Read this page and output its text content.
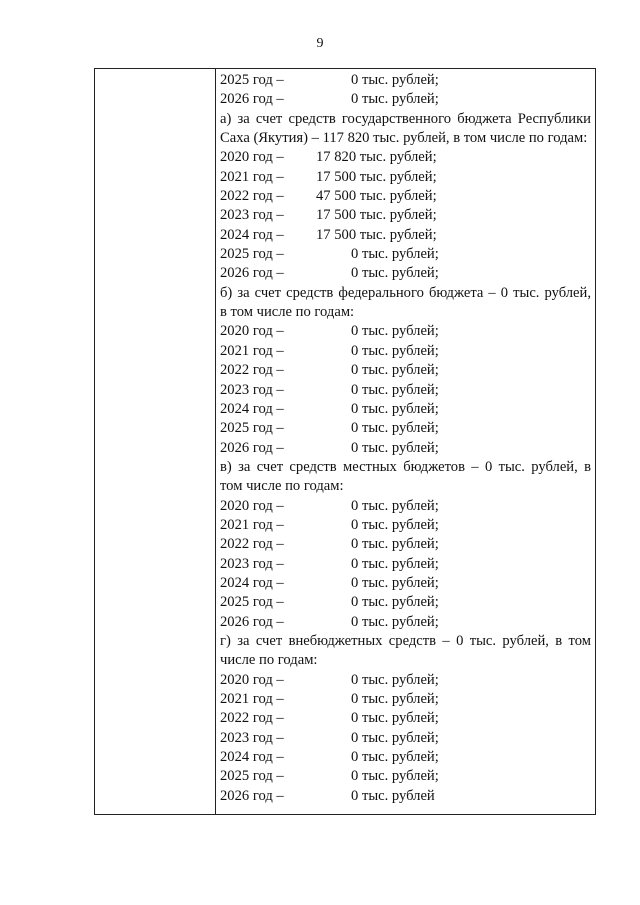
9
2025 год –	0 тыс. рублей;
2026 год –	0 тыс. рублей;
а) за счет средств государственного бюджета Республики
Саха (Якутия) – 117 820 тыс. рублей, в том числе по годам:
2020 год – 17 820 тыс. рублей;
2021 год – 17 500 тыс. рублей;
2022 год – 47 500 тыс. рублей;
2023 год – 17 500 тыс. рублей;
2024 год – 17 500 тыс. рублей;
2025 год –	0 тыс. рублей;
2026 год –	0 тыс. рублей;
б) за счет средств федерального бюджета – 0 тыс. рублей,
в том числе по годам:
2020 год –	0 тыс. рублей;
2021 год –	0 тыс. рублей;
2022 год –	0 тыс. рублей;
2023 год –	0 тыс. рублей;
2024 год –	0 тыс. рублей;
2025 год –	0 тыс. рублей;
2026 год –	0 тыс. рублей;
в) за счет средств местных бюджетов – 0 тыс. рублей, в
том числе по годам:
2020 год –	0 тыс. рублей;
2021 год –	0 тыс. рублей;
2022 год –	0 тыс. рублей;
2023 год –	0 тыс. рублей;
2024 год –	0 тыс. рублей;
2025 год –	0 тыс. рублей;
2026 год –	0 тыс. рублей;
г) за счет внебюджетных средств – 0 тыс. рублей, в том
числе по годам:
2020 год –	0 тыс. рублей;
2021 год –	0 тыс. рублей;
2022 год –	0 тыс. рублей;
2023 год –	0 тыс. рублей;
2024 год –	0 тыс. рублей;
2025 год –	0 тыс. рублей;
2026 год –	0 тыс. рублей
